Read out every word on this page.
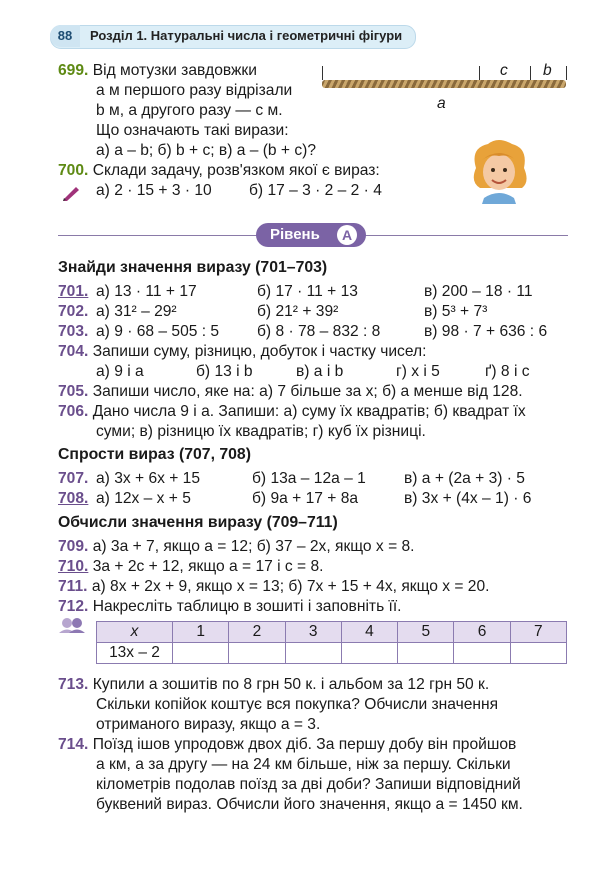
88	Розділ 1. Натуральні числа і геометричні фігури
699. Від мотузки завдовжки
a м першого разу відрізали
b м, а другого разу — c м.
Що означають такі вирази:
а) a – b; б) b + c; в) a – (b + c)?
c b
a
700. Склади задачу, розв'язком якої є вираз:
а) 2 · 15 + 3 · 10 б) 17 – 3 · 2 – 2 · 4
Рівень	А
Знайди значення виразу (701–703)
701. а) 13 · 11 + 17	б) 17 · 11 + 13	в) 200 – 18 · 11
702. а) 31² – 29²	б) 21² + 39²	в) 5³ + 7³
703. а) 9 · 68 – 505 : 5 б) 8 · 78 – 832 : 8	в) 98 · 7 + 636 : 6
704. Запиши суму, різницю, добуток і частку чисел:
а) 9 і a	б) 13 і b	в) a і b	г) x і 5	ґ) 8 і c
705. Запиши число, яке на: а) 7 більше за x; б) a менше від 128.
706. Дано числа 9 і a. Запиши: а) суму їх квадратів; б) квадрат їх
суми; в) різницю їх квадратів; г) куб їх різниці.
Спрости вираз (707, 708)
707. а) 3x + 6x + 15	б) 13a – 12a – 1 в) a + (2a + 3) · 5
708. а) 12x – x + 5	б) 9a + 17 + 8a	в) 3x + (4x – 1) · 6
Обчисли значення виразу (709–711)
709. а) 3a + 7, якщо a = 12; б) 37 – 2x, якщо x = 8.
710. 3a + 2c + 12, якщо a = 17 і c = 8.
711. а) 8x + 2x + 9, якщо x = 13; б) 7x + 15 + 4x, якщо x = 20.
712. Накресліть таблицю в зошиті і заповніть її.
x	1	2	3	4	5	6	7
13x – 2							
713. Купили a зошитів по 8 грн 50 к. і альбом за 12 грн 50 к.
Скільки копійок коштує вся покупка? Обчисли значення
отриманого виразу, якщо a = 3.
714. Поїзд ішов упродовж двох діб. За першу добу він пройшов
a км, а за другу — на 24 км більше, ніж за першу. Скільки
кілометрів подолав поїзд за дві доби? Запиши відповідний
буквений вираз. Обчисли його значення, якщо a = 1450 км.
